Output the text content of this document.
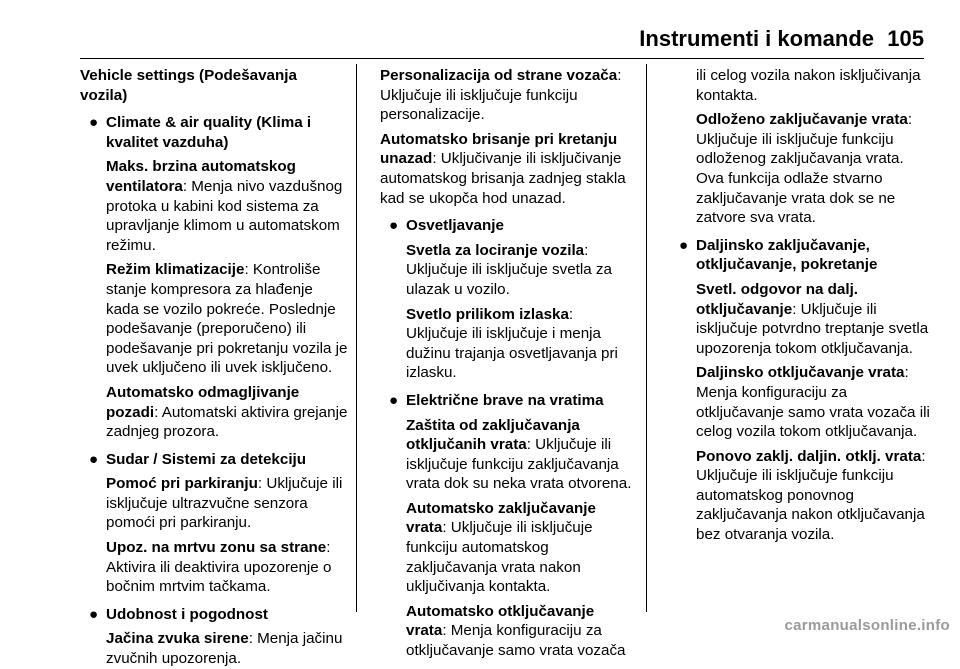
Instrumenti i komande 105
Vehicle settings (Podešavanja vozila)
● Climate & air quality (Klima i kvalitet vazduha)
Maks. brzina automatskog ventilatora: Menja nivo vazdušnog protoka u kabini kod sistema za upravljanje klimom u automatskom režimu.
Režim klimatizacije: Kontroliše stanje kompresora za hlađenje kada se vozilo pokreće. Poslednje podešavanje (preporučeno) ili podešavanje pri pokretanju vozila je uvek uključeno ili uvek isključeno.
Automatsko odmagljivanje pozadi: Automatski aktivira grejanje zadnjeg prozora.
● Sudar / Sistemi za detekciju
Pomoć pri parkiranju: Uključuje ili isključuje ultrazvučne senzora pomoći pri parkiranju.
Upoz. na mrtvu zonu sa strane: Aktivira ili deaktivira upozorenje o bočnim mrtvim tačkama.
● Udobnost i pogodnost
Jačina zvuka sirene: Menja jačinu zvučnih upozorenja.
Personalizacija od strane vozača: Uključuje ili isključuje funkciju personalizacije.
Automatsko brisanje pri kretanju unazad: Uključivanje ili isključivanje automatskog brisanja zadnjeg stakla kad se ukopča hod unazad.
● Osvetljavanje
Svetla za lociranje vozila: Uključuje ili isključuje svetla za ulazak u vozilo.
Svetlo prilikom izlaska: Uključuje ili isključuje i menja dužinu trajanja osvetljavanja pri izlasku.
● Električne brave na vratima
Zaštita od zaključavanja otključanih vrata: Uključuje ili isključuje funkciju zaključavanja vrata dok su neka vrata otvorena.
Automatsko zaključavanje vrata: Uključuje ili isključuje funkciju automatskog zaključavanja vrata nakon uključivanja kontakta.
Automatsko otključavanje vrata: Menja konfiguraciju za otključavanje samo vrata vozača
ili celog vozila nakon isključivanja kontakta.
Odloženo zaključavanje vrata: Uključuje ili isključuje funkciju odloženog zaključavanja vrata. Ova funkcija odlaže stvarno zaključavanje vrata dok se ne zatvore sva vrata.
● Daljinsko zaključavanje, otključavanje, pokretanje
Svetl. odgovor na dalj. otključavanje: Uključuje ili isključuje potvrdno treptanje svetla upozorenja tokom otključavanja.
Daljinsko otključavanje vrata: Menja konfiguraciju za otključavanje samo vrata vozača ili celog vozila tokom otključavanja.
Ponovo zaklj. daljin. otklj. vrata: Uključuje ili isključuje funkciju automatskog ponovnog zaključavanja nakon otključavanja bez otvaranja vozila.
carmanualsonline.info
